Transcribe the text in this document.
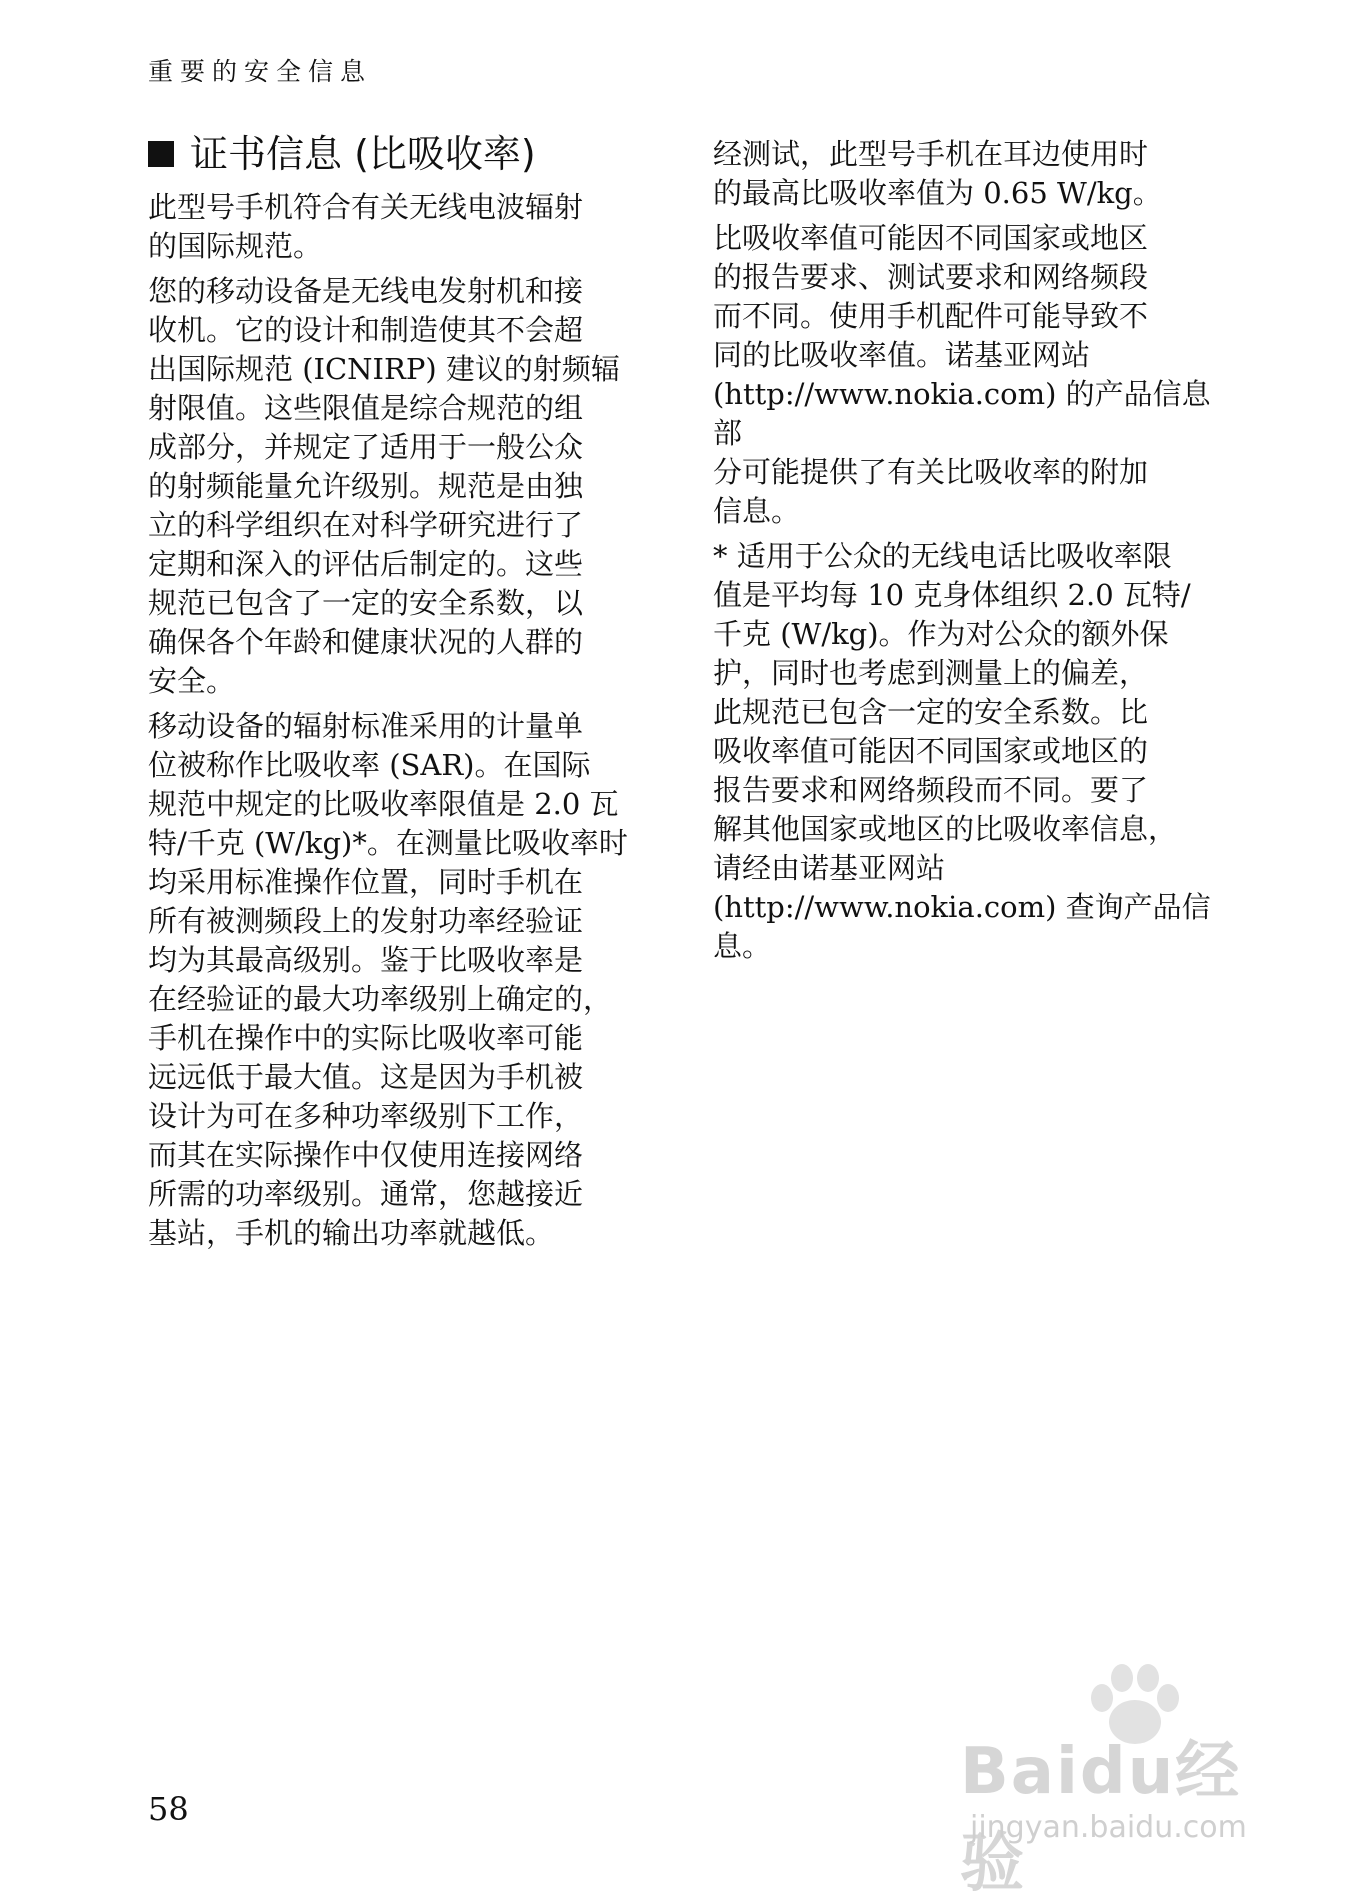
重要的安全信息
证书信息 (比吸收率)

此型号手机符合有关无线电波辐射
的国际规范。

您的移动设备是无线电发射机和接
收机。它的设计和制造使其不会超
出国际规范 (ICNIRP) 建议的射频辐
射限值。这些限值是综合规范的组
成部分，并规定了适用于一般公众
的射频能量允许级别。规范是由独
立的科学组织在对科学研究进行了
定期和深入的评估后制定的。这些
规范已包含了一定的安全系数，以
确保各个年龄和健康状况的人群的
安全。

移动设备的辐射标准采用的计量单
位被称作比吸收率 (SAR)。在国际
规范中规定的比吸收率限值是 2.0 瓦
特/千克 (W/kg)*。在测量比吸收率时
均采用标准操作位置，同时手机在
所有被测频段上的发射功率经验证
均为其最高级别。鉴于比吸收率是
在经验证的最大功率级别上确定的，
手机在操作中的实际比吸收率可能
远远低于最大值。这是因为手机被
设计为可在多种功率级别下工作，
而其在实际操作中仅使用连接网络
所需的功率级别。通常，您越接近
基站，手机的输出功率就越低。

经测试，此型号手机在耳边使用时
的最高比吸收率值为 0.65 W/kg。

比吸收率值可能因不同国家或地区
的报告要求、测试要求和网络频段
而不同。使用手机配件可能导致不
同的比吸收率值。诺基亚网站
(http://www.nokia.com) 的产品信息部
分可能提供了有关比吸收率的附加
信息。

* 适用于公众的无线电话比吸收率限
值是平均每 10 克身体组织 2.0 瓦特/
千克 (W/kg)。作为对公众的额外保
护，同时也考虑到测量上的偏差，
此规范已包含一定的安全系数。比
吸收率值可能因不同国家或地区的
报告要求和网络频段而不同。要了
解其他国家或地区的比吸收率信息，
请经由诺基亚网站
(http://www.nokia.com) 查询产品信
息。

58	Baidu经验
jingyan.baidu.com
